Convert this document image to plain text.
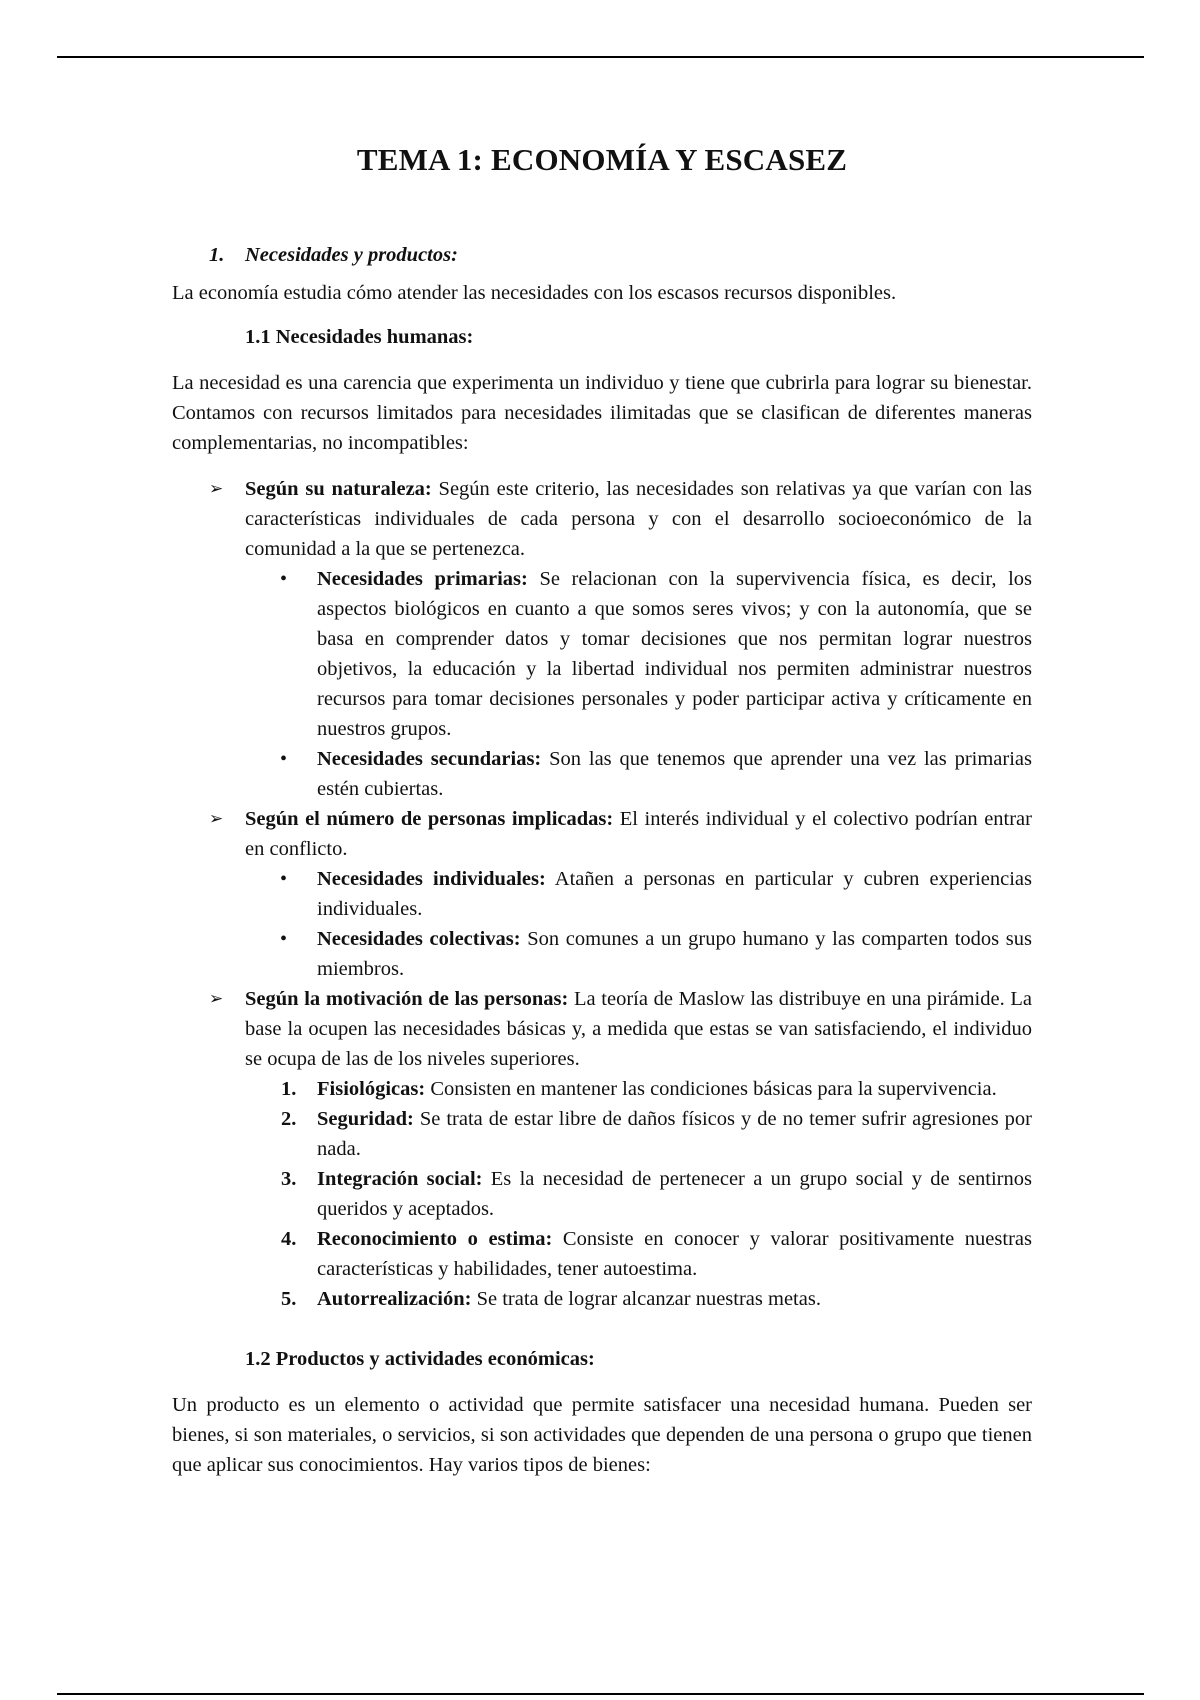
TEMA 1: ECONOMÍA Y ESCASEZ
1. Necesidades y productos:

La economía estudia cómo atender las necesidades con los escasos recursos disponibles.

1.1 Necesidades humanas:

La necesidad es una carencia que experimenta un individuo y tiene que cubrirla para lograr su bienestar. Contamos con recursos limitados para necesidades ilimitadas que se clasifican de diferentes maneras complementarias, no incompatibles:

➢	Según su naturaleza: Según este criterio, las necesidades son relativas ya que varían con las características individuales de cada persona y con el desarrollo socioeconómico de la comunidad a la que se pertenezca.
•	Necesidades primarias: Se relacionan con la supervivencia física, es decir, los aspectos biológicos en cuanto a que somos seres vivos; y con la autonomía, que se basa en comprender datos y tomar decisiones que nos permitan lograr nuestros objetivos, la educación y la libertad individual nos permiten administrar nuestros recursos para tomar decisiones personales y poder participar activa y críticamente en nuestros grupos.
•	Necesidades secundarias: Son las que tenemos que aprender una vez las primarias estén cubiertas.
➢	Según el número de personas implicadas: El interés individual y el colectivo podrían entrar en conflicto.
•	Necesidades individuales: Atañen a personas en particular y cubren experiencias individuales.
•	Necesidades colectivas: Son comunes a un grupo humano y las comparten todos sus miembros.
➢	Según la motivación de las personas: La teoría de Maslow las distribuye en una pirámide. La base la ocupen las necesidades básicas y, a medida que estas se van satisfaciendo, el individuo se ocupa de las de los niveles superiores.
1.	Fisiológicas: Consisten en mantener las condiciones básicas para la supervivencia.
2.	Seguridad: Se trata de estar libre de daños físicos y de no temer sufrir agresiones por nada.
3.	Integración social: Es la necesidad de pertenecer a un grupo social y de sentirnos queridos y aceptados.
4.	Reconocimiento o estima: Consiste en conocer y valorar positivamente nuestras características y habilidades, tener autoestima.
5.	Autorrealización: Se trata de lograr alcanzar nuestras metas.
1.2 Productos y actividades económicas:

Un producto es un elemento o actividad que permite satisfacer una necesidad humana. Pueden ser bienes, si son materiales, o servicios, si son actividades que dependen de una persona o grupo que tienen que aplicar sus conocimientos. Hay varios tipos de bienes:
